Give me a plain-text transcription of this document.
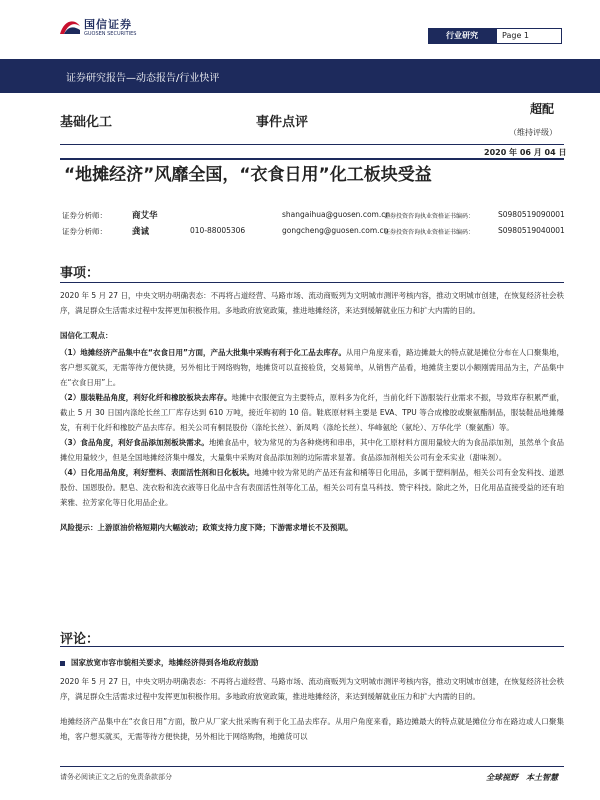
国信证券
GUOSEN SECURITIES	行业研究	Page 1
证券研究报告—动态报告/行业快评
基础化工	事件点评
超配
（维持评级）
2020 年 06 月 04 日
“地摊经济”风靡全国，“衣食日用”化工板块受益
证券分析师：	商艾华	shangaihua@guosen.com.cn
证券投资咨询执业资格证书编码：	S0980519090001
证券分析师：	龚诚	010-88005306	gongcheng@guosen.com.cn
证券投资咨询执业资格证书编码：	S0980519040001
事项：

2020 年 5 月 27 日，中央文明办明确表态：不再将占道经营、马路市场、流动商贩列为文明城市测评考核内容，推动文明城市创建，在恢复经济社会秩序，满足群众生活需求过程中发挥更加积极作用。多地政府放宽政策，推进地摊经济，来达到缓解就业压力和扩大内需的目的。

国信化工观点：

（1）地摊经济产品集中在“衣食日用”方面，产品大批集中采购有利于化工品去库存。从用户角度来看，路边摊最大的特点就是摊位分布在人口聚集地，客户想买就买，无需等待方便快捷，另外相比于网络购物，地摊货可以直接验货，交易简单，从销售产品看，地摊货主要以小额刚需用品为主，产品集中在“衣食日用”上。

（2）服装鞋品角度，利好化纤和橡胶板块去库存。地摊中衣服便宜为主要特点，原料多为化纤，当前化纤下游服装行业需求不振，导致库存积累严重，截止 5 月 30 日国内涤纶长丝工厂库存达到 610 万吨，接近年初的 10 倍。鞋底原材料主要是 EVA、TPU 等合成橡胶或聚氨酯制品，服装鞋品地摊爆发，有利于化纤和橡胶产品去库存。相关公司有桐昆股份（涤纶长丝）、新凤鸣（涤纶长丝）、华峰氨纶（氨纶）、万华化学（聚氨酯）等。

（3）食品角度，利好食品添加剂板块需求。地摊食品中，较为常见的为各种烧烤和串串，其中化工原材料方面用量较大的为食品添加剂，虽然单个食品摊位用量较少，但是全国地摊经济集中爆发，大量集中采购对食品添加剂的边际需求显著。食品添加剂相关公司有金禾实业（甜味剂）。

（4）日化用品角度，利好塑料、表面活性剂和日化板块。地摊中较为常见的产品还有盆和桶等日化用品，多属于塑料制品，相关公司有金发科技、道恩股份、国恩股份。肥皂、洗衣粉和洗衣液等日化品中含有表面活性剂等化工品，相关公司有皇马科技、赞宇科技。除此之外，日化用品直接受益的还有珀莱雅、拉芳家化等日化用品企业。

风险提示：上游原油价格短期内大幅波动；政策支持力度下降；下游需求增长不及预期。

评论：

国家放宽市容市貌相关要求，地摊经济得到各地政府鼓励

2020 年 5 月 27 日，中央文明办明确表态：不再将占道经营、马路市场、流动商贩列为文明城市测评考核内容，推动文明城市创建，在恢复经济社会秩序，满足群众生活需求过程中发挥更加积极作用。多地政府放宽政策，推进地摊经济，来达到缓解就业压力和扩大内需的目的。

地摊经济产品集中在“衣食日用”方面，散户从厂家大批采购有利于化工品去库存。从用户角度来看，路边摊最大的特点就是摊位分布在路边或人口聚集地，客户想买就买，无需等待方便快捷，另外相比于网络购物，地摊货可以

请务必阅读正文之后的免责条款部分	全球视野　本土智慧
